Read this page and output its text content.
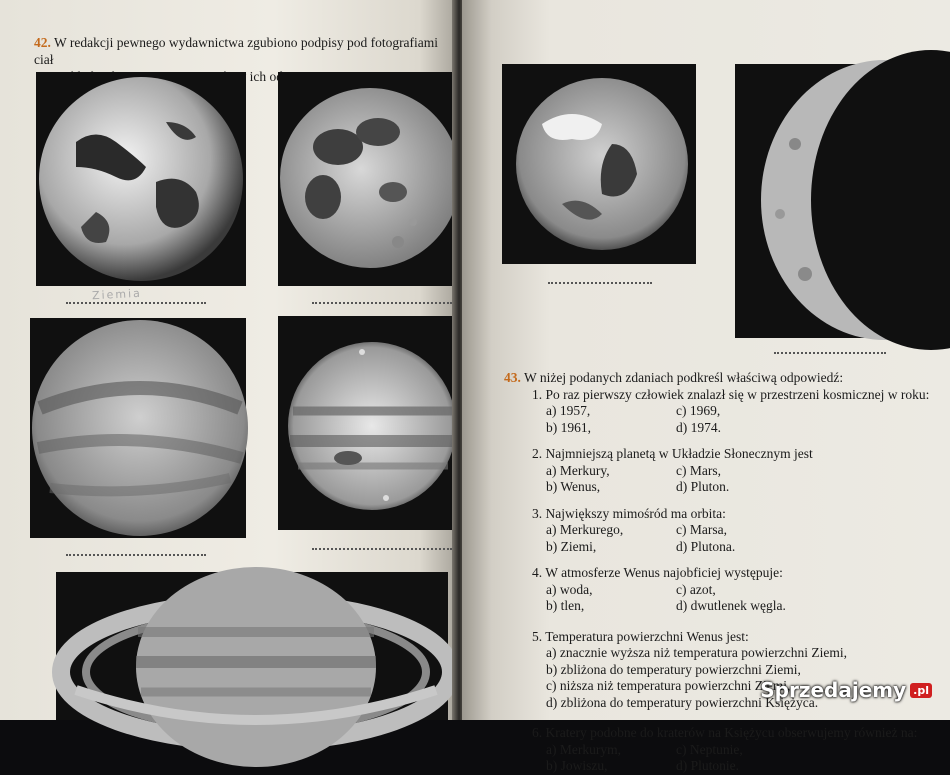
42. W redakcji pewnego wydawnictwa zgubiono podpisy pod fotografiami ciał
ich
Ziemia
43. W niżej podanych zdaniach podkreśl właściwą odpowiedź:
1. Po raz pierwszy człowiek znalazł się w przestrzeni kosmicznej w roku:
a) 1957,	c) 1969,
b) 1961,	d) 1974.
2. Najmniejszą planetą w Układzie Słonecznym jest
a) Merkury,	c) Mars,
b) Wenus,	d) Pluton.
3. Największy mimośród ma orbita:
a) Merkurego,	c) Marsa,
b) Ziemi,	d) Plutona.
4. W atmosferze Wenus najobficiej występuje:
a) woda,	c) azot,
b) tlen,	d) dwutlenek węgla.
5. Temperatura powierzchni Wenus jest:
a) znacznie wyższa niż temperatura powierzchni Ziemi,
b) zbliżona do temperatury powierzchni Ziemi,
c) niższa niż temperatura powierzchni Ziemi,
d) zbliżona do temperatury powierzchni Księżyca.
6. Kratery podobne do kraterów na Księżycu obserwujemy również na:
a) Merkurym,	c) Neptunie,
b) Jowiszu,	d) Plutonie.
Sprzedajemy .pl
